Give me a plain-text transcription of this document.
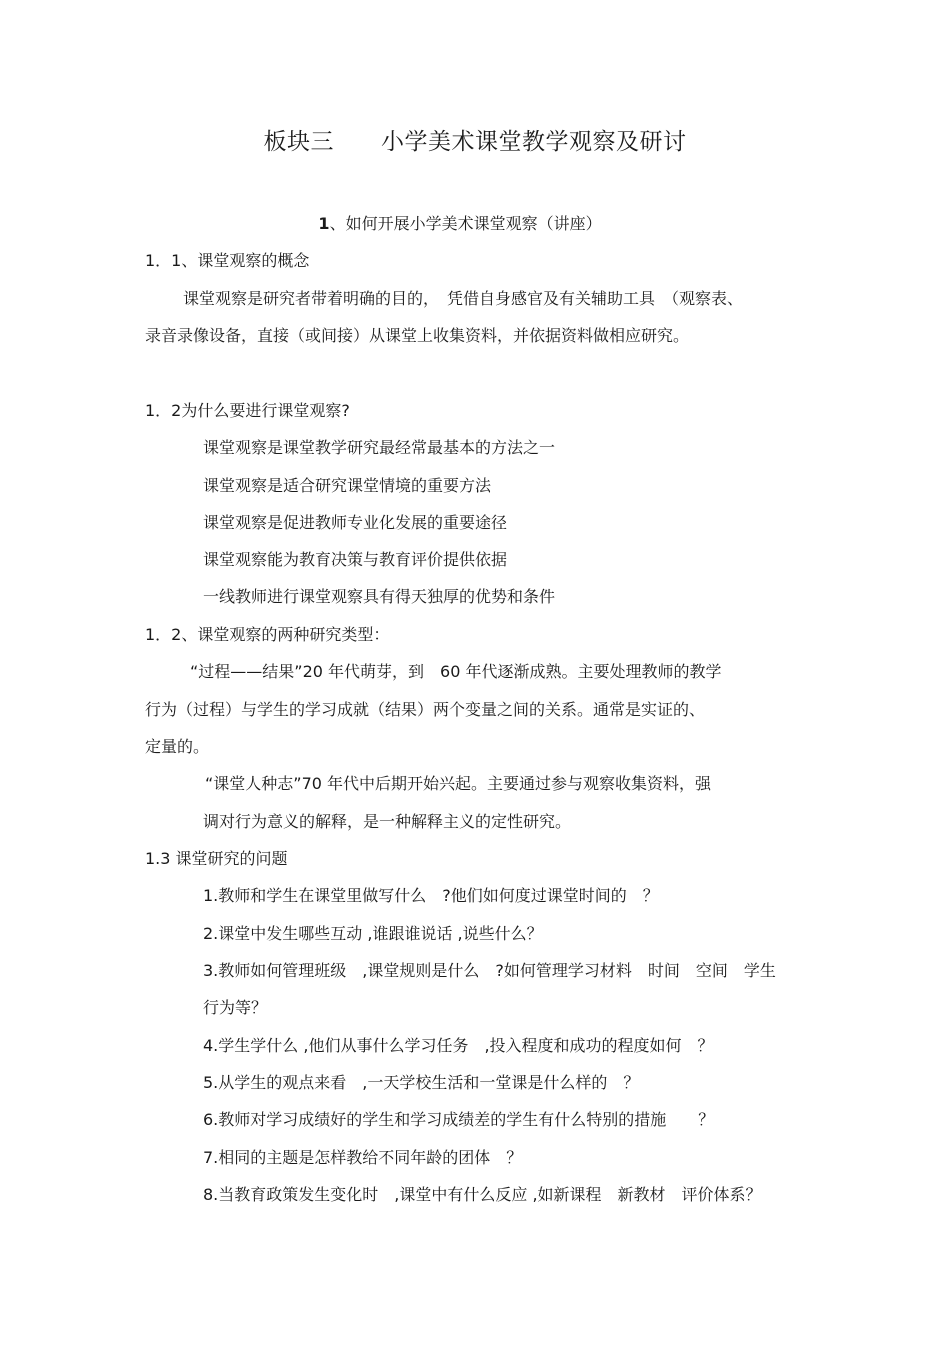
板块三　　小学美术课堂教学观察及研讨
1、如何开展小学美术课堂观察（讲座）
1．1、课堂观察的概念
课堂观察是研究者带着明确的目的，　凭借自身感官及有关辅助工具　（观察表、
录音录像设备，直接（或间接）从课堂上收集资料，并依据资料做相应研究。
1．2为什么要进行课堂观察?
课堂观察是课堂教学研究最经常最基本的方法之一
课堂观察是适合研究课堂情境的重要方法
课堂观察是促进教师专业化发展的重要途径
课堂观察能为教育决策与教育评价提供依据
一线教师进行课堂观察具有得天独厚的优势和条件
1．2、课堂观察的两种研究类型：
“过程——结果”20 年代萌芽，到　60 年代逐渐成熟。主要处理教师的教学
行为（过程）与学生的学习成就（结果）两个变量之间的关系。通常是实证的、
定量的。
“课堂人种志”70 年代中后期开始兴起。主要通过参与观察收集资料，强
调对行为意义的解释，是一种解释主义的定性研究。
1.3 课堂研究的问题
1.教师和学生在课堂里做写什么　?他们如何度过课堂时间的　？
2.课堂中发生哪些互动 ,谁跟谁说话 ,说些什么？
3.教师如何管理班级　,课堂规则是什么　?如何管理学习材料　时间　空间　学生
行为等？
4.学生学什么 ,他们从事什么学习任务　,投入程度和成功的程度如何　？
5.从学生的观点来看　,一天学校生活和一堂课是什么样的　？
6.教师对学习成绩好的学生和学习成绩差的学生有什么特别的措施　　？
7.相同的主题是怎样教给不同年龄的团体　？
8.当教育政策发生变化时　,课堂中有什么反应 ,如新课程　新教材　评价体系？
